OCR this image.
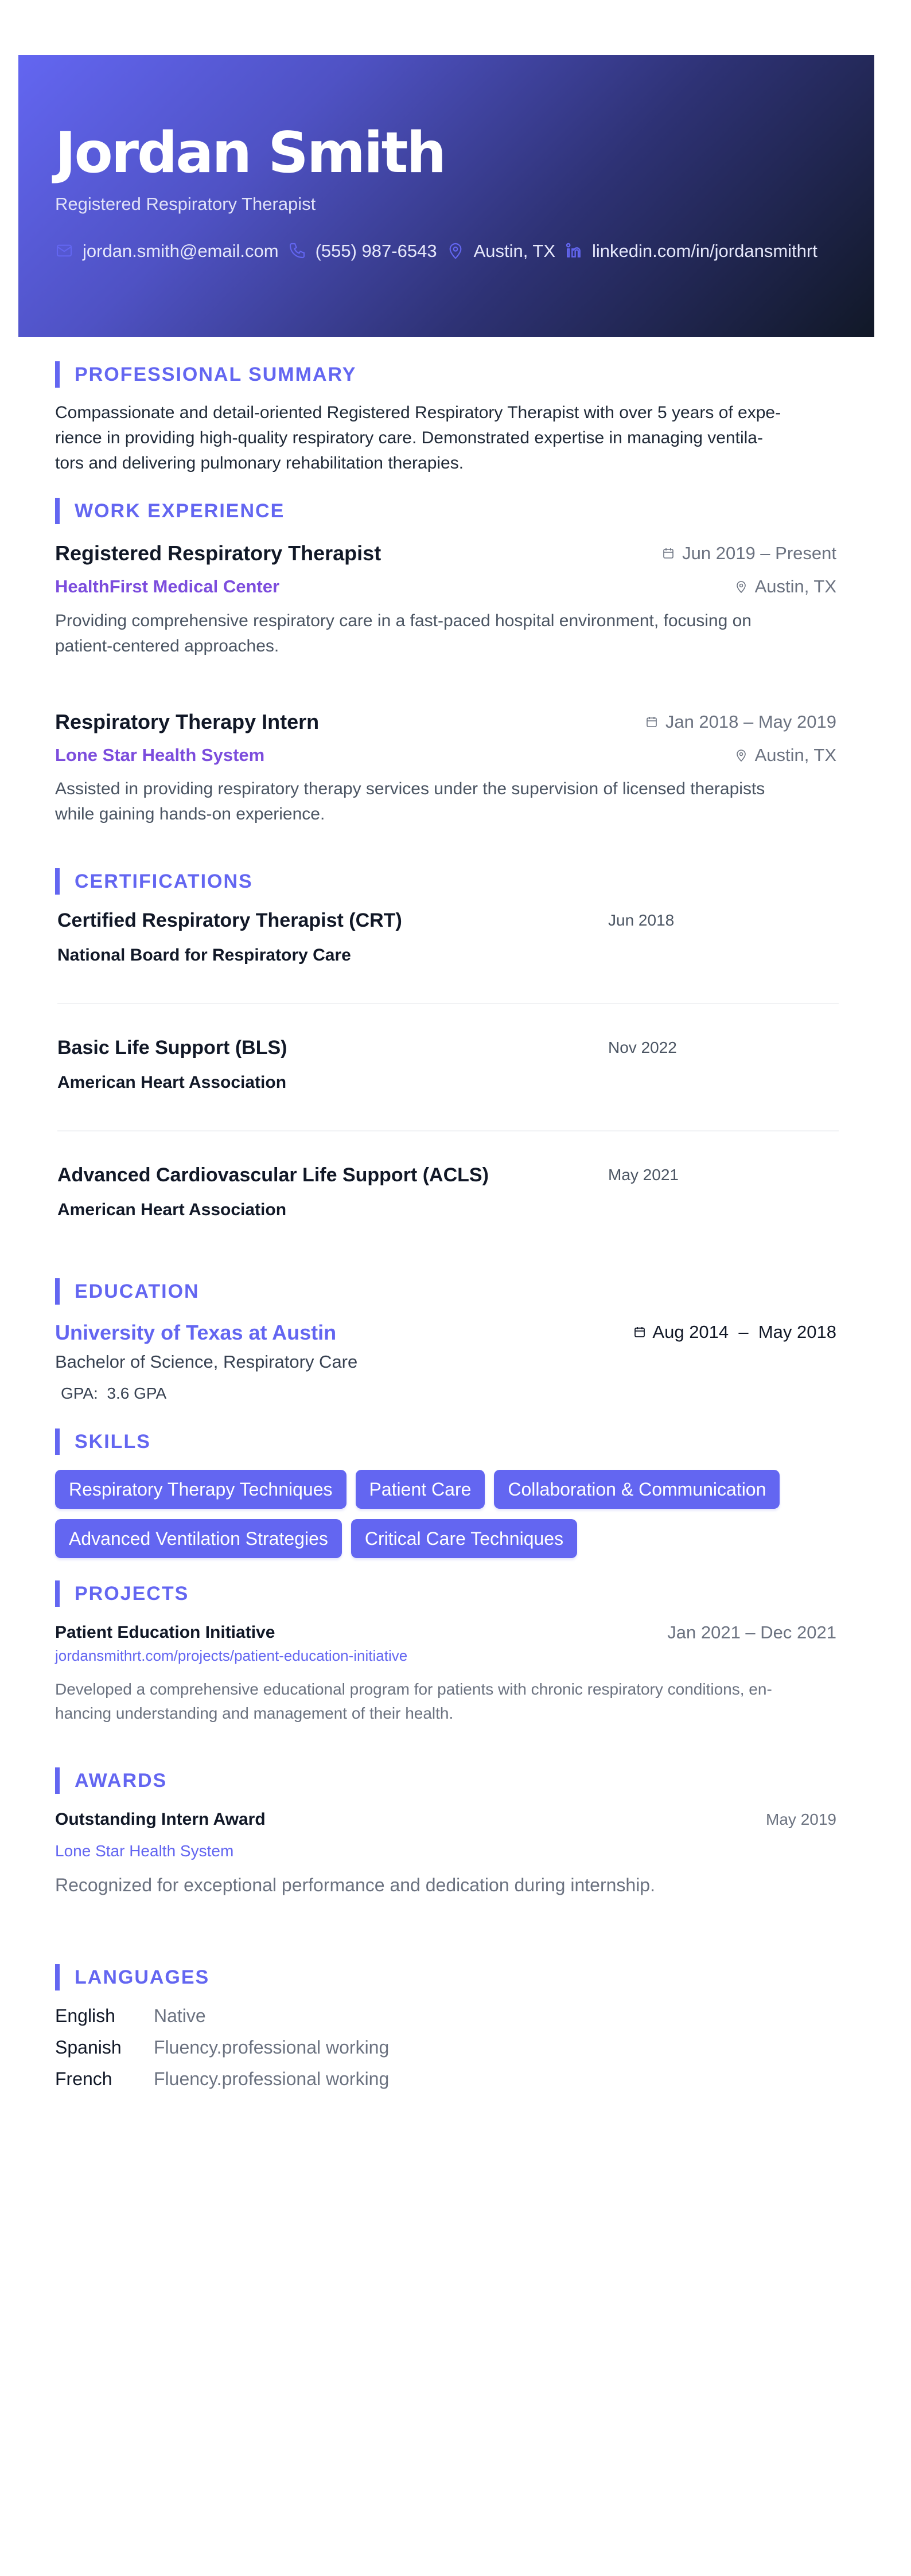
Jordan Smith
Registered Respiratory Therapist
jordan.smith@email.com (555) 987-6543 Austin, TX linkedin.com/in/jordansmithrt
PROFESSIONAL SUMMARY
Compassionate and detail-oriented Registered Respiratory Therapist with over 5 years of expe-
rience in providing high-quality respiratory care. Demonstrated expertise in managing ventila-
tors and delivering pulmonary rehabilitation therapies.
WORK EXPERIENCE
Registered Respiratory Therapist	Jun 2019 – Present
HealthFirst Medical Center	Austin, TX
Providing comprehensive respiratory care in a fast-paced hospital environment, focusing on
patient-centered approaches.
Respiratory Therapy Intern	Jan 2018 – May 2019
Lone Star Health System	Austin, TX
Assisted in providing respiratory therapy services under the supervision of licensed therapists
while gaining hands-on experience.
CERTIFICATIONS
Certified Respiratory Therapist (CRT)	Jun 2018
National Board for Respiratory Care
Basic Life Support (BLS)	Nov 2022
American Heart Association
Advanced Cardiovascular Life Support (ACLS)	May 2021
American Heart Association
EDUCATION
University of Texas at Austin	Aug 2014  –  May 2018
Bachelor of Science, Respiratory Care
GPA: 3.6 GPA
SKILLS
Respiratory Therapy Techniques	Patient Care	Collaboration & Communication
Advanced Ventilation Strategies	Critical Care Techniques
PROJECTS
Patient Education Initiative	Jan 2021 – Dec 2021
jordansmithrt.com/projects/patient-education-initiative
Developed a comprehensive educational program for patients with chronic respiratory conditions, en-
hancing understanding and management of their health.
AWARDS
Outstanding Intern Award	May 2019
Lone Star Health System
Recognized for exceptional performance and dedication during internship.
LANGUAGES
English Native
Spanish Fluency.professional working
French Fluency.professional working
